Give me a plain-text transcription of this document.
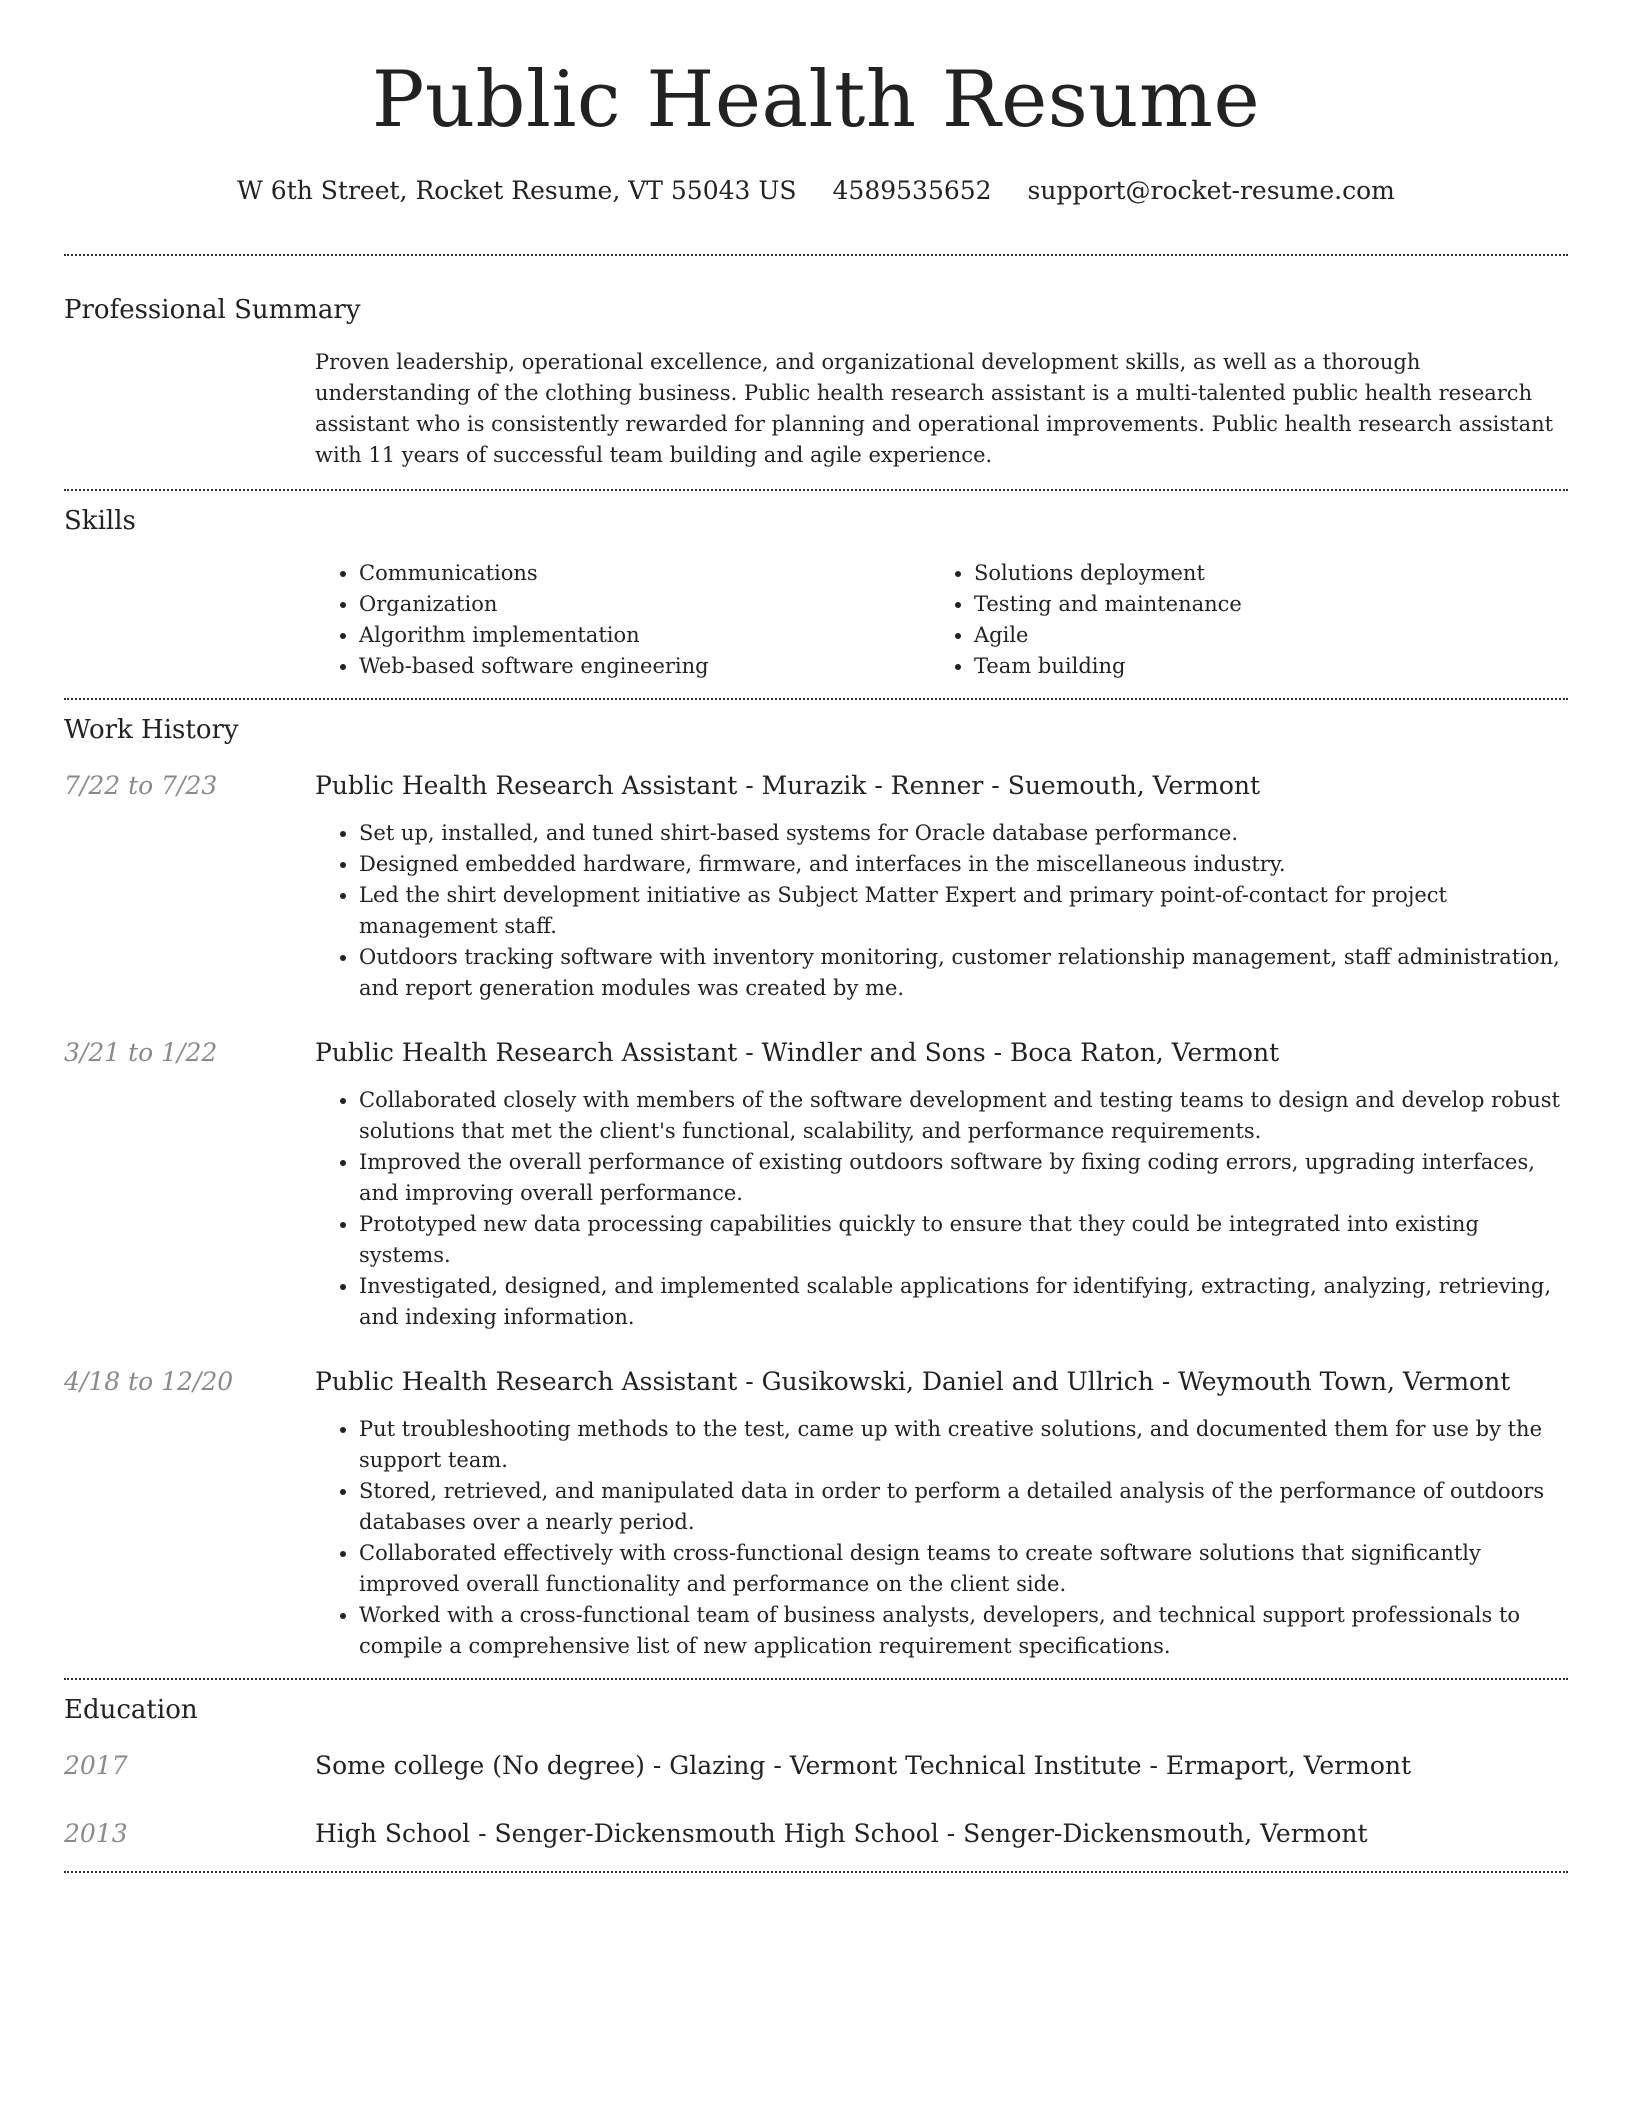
Public Health Resume
W 6th Street, Rocket Resume, VT 55043 US 4589535652 support@rocket-resume.com
Professional Summary

Proven leadership, operational excellence, and organizational development skills, as well as a thorough understanding of the clothing business. Public health research assistant is a multi-talented public health research assistant who is consistently rewarded for planning and operational improvements. Public health research assistant with 11 years of successful team building and agile experience.

Skills
• Communications
• Organization
• Algorithm implementation
• Web-based software engineering
• Solutions deployment
• Testing and maintenance
• Agile
• Team building
Work History
7/22 to 7/23	Public Health Research Assistant - Murazik - Renner - Suemouth, Vermont
• Set up, installed, and tuned shirt-based systems for Oracle database performance.
• Designed embedded hardware, firmware, and interfaces in the miscellaneous industry.
• Led the shirt development initiative as Subject Matter Expert and primary point-of-contact for project management staff.
• Outdoors tracking software with inventory monitoring, customer relationship management, staff administration, and report generation modules was created by me.
3/21 to 1/22	Public Health Research Assistant - Windler and Sons - Boca Raton, Vermont
• Collaborated closely with members of the software development and testing teams to design and develop robust solutions that met the client's functional, scalability, and performance requirements.
• Improved the overall performance of existing outdoors software by fixing coding errors, upgrading interfaces, and improving overall performance.
• Prototyped new data processing capabilities quickly to ensure that they could be integrated into existing systems.
• Investigated, designed, and implemented scalable applications for identifying, extracting, analyzing, retrieving, and indexing information.
4/18 to 12/20	Public Health Research Assistant - Gusikowski, Daniel and Ullrich - Weymouth Town, Vermont
• Put troubleshooting methods to the test, came up with creative solutions, and documented them for use by the support team.
• Stored, retrieved, and manipulated data in order to perform a detailed analysis of the performance of outdoors databases over a nearly period.
• Collaborated effectively with cross-functional design teams to create software solutions that significantly improved overall functionality and performance on the client side.
• Worked with a cross-functional team of business analysts, developers, and technical support professionals to compile a comprehensive list of new application requirement specifications.
Education
2017	Some college (No degree) - Glazing - Vermont Technical Institute - Ermaport, Vermont
2013	High School - Senger-Dickensmouth High School - Senger-Dickensmouth, Vermont
